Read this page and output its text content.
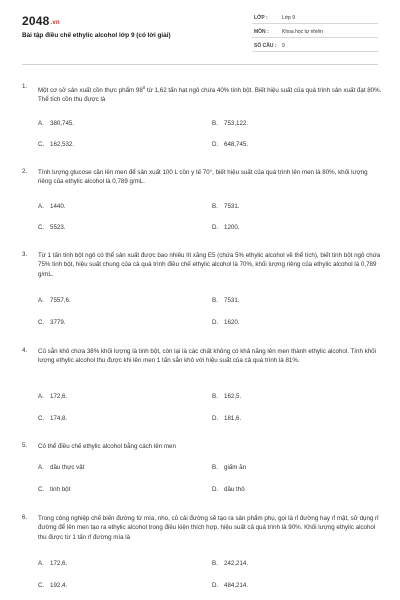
2048.vn
Bài tập điều chế ethylic alcohol lớp 9 (có lời giải)
LỚP :	Lớp 9
MÔN :	Khoa học tự nhiên
SỐ CÂU : 9
1.
Một cơ sở sản xuất cồn thực phẩm $98^0$ từ 1,62 tấn hạt ngô chứa 40% tinh bột. Biết hiệu suất của quá trình sản xuất đạt 80%. Thể tích cồn thu được là
A. 380,745.	B. 753,122.
C. 162,532.	D. 648,745.
2. Tính lượng glucose cần lên men để sản xuất 100 L cồn y tế 70°, biết hiệu suất của quá trình lên men là 80%, khối lượng riêng của ethylic alcohol là 0,789 g/mL.
A. 1440.	B. 7531.
C. 5523.	D. 1200.
3. Từ 1 tấn tinh bột ngô có thể sản xuất được bao nhiêu lít xăng E5 (chứa 5% ethylic alcohol về thể tích), biết tinh bột ngô chứa 75% tinh bột, hiệu suất chung của cả quá trình điều chế ethylic alcohol là 70%, khối lượng riêng của ethylic alcohol là 0,789 g/mL.
A. 7557,6.	B. 7531.
C. 3779.	D. 1620.
4. Củ sắn khô chứa 38% khối lượng là tinh bột, còn lại là các chất không có khả năng lên men thành ethylic alcohol. Tính khối lượng ethylic alcohol thu được khi lên men 1 tấn sắn khô với hiệu suất của cả quá trình là 81%.
A. 172,6.	B. 162,5.
C. 174,8.	D. 181,6.
5. Có thể điều chế ethylic alcohol bằng cách lên men
A. dầu thực vật	B. giấm ăn
C. tinh bột	D. dầu thô
6. Trong công nghiệp chế biến đường từ mía, nho, củ cải đường sẽ tạo ra sản phẩm phụ, gọi là rỉ đường hay rỉ mật, sử dụng rỉ đường để lên men tạo ra ethylic alcohol trong điều kiện thích hợp, hiệu suất cả quá trình là 90%. Khối lượng ethylic alcohol thu được từ 1 tấn rỉ đường mía là
A. 172,6.	B. 242,214.
C. 192,4.	D. 484,214.
